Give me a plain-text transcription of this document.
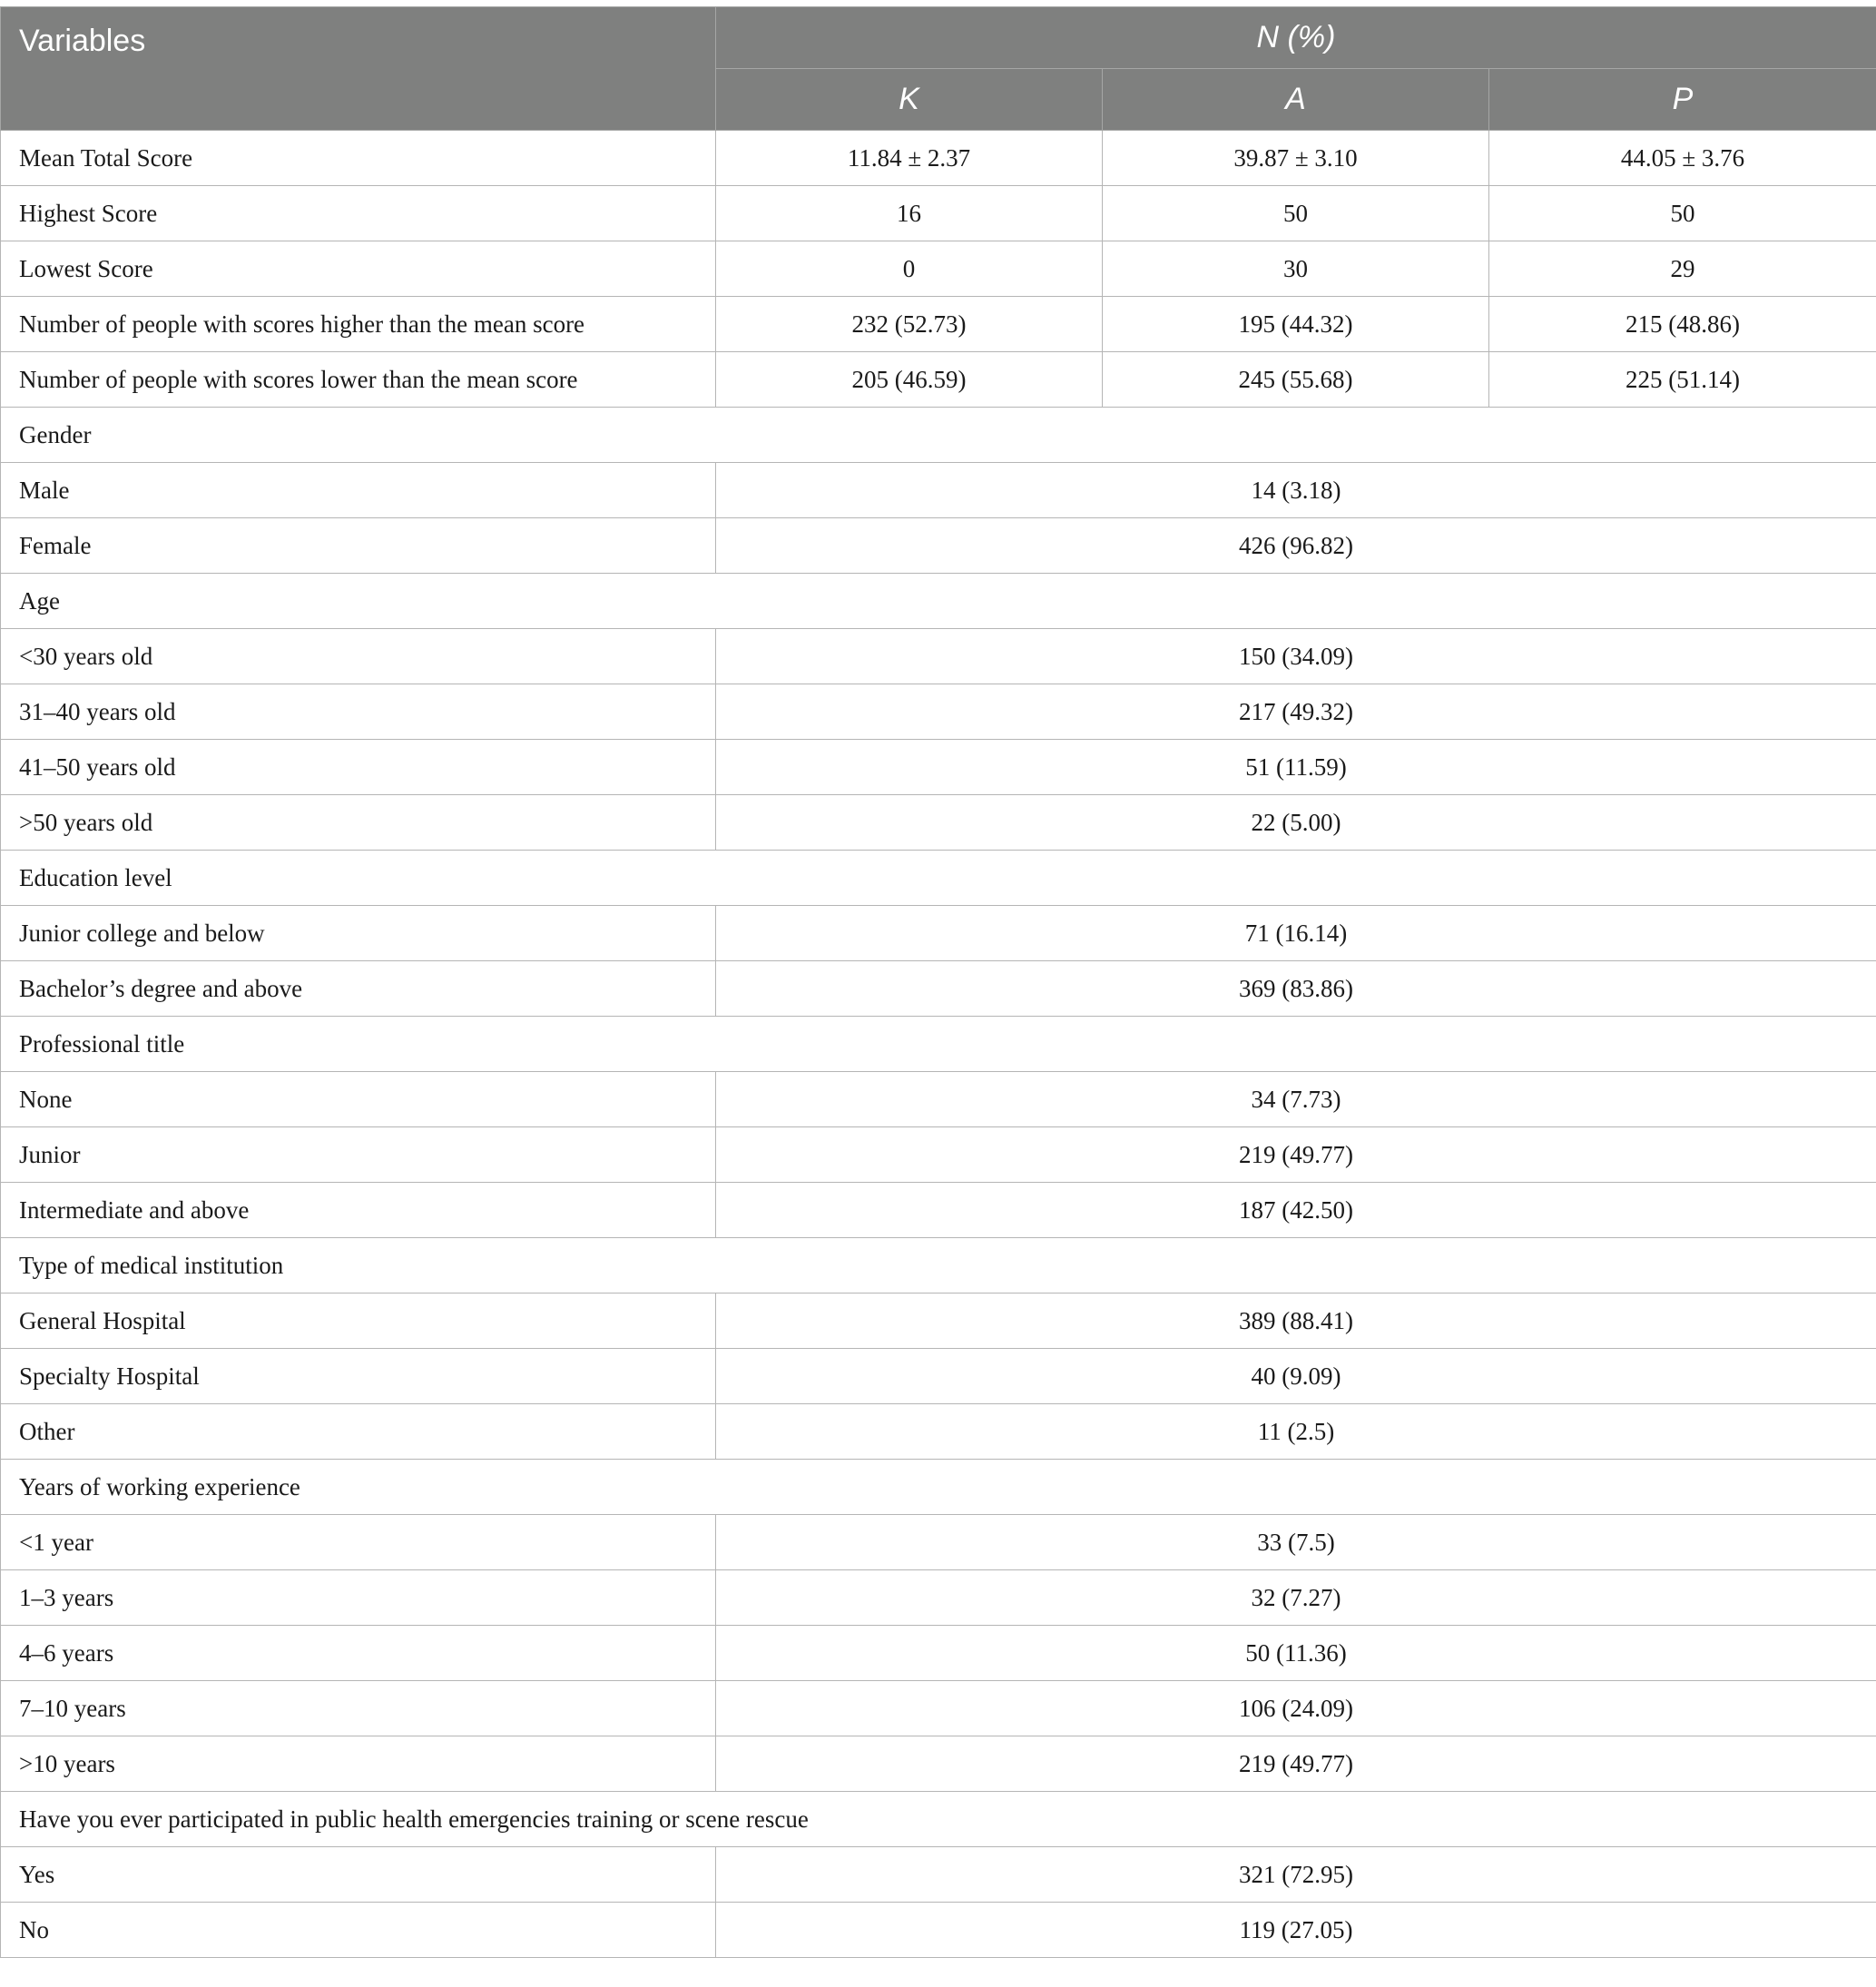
Variables	N (%)		
	K	A	P
Mean Total Score	11.84 ± 2.37	39.87 ± 3.10	44.05 ± 3.76
Highest Score	16	50	50
Lowest Score	0	30	29
Number of people with scores higher than the mean score	232 (52.73)	195 (44.32)	215 (48.86)
Number of people with scores lower than the mean score	205 (46.59)	245 (55.68)	225 (51.14)
Gender			
Male	14 (3.18)		
Female	426 (96.82)		
Age			
<30 years old	150 (34.09)		
31–40 years old	217 (49.32)		
41–50 years old	51 (11.59)		
>50 years old	22 (5.00)		
Education level			
Junior college and below	71 (16.14)		
Bachelor’s degree and above	369 (83.86)		
Professional title			
None	34 (7.73)		
Junior	219 (49.77)		
Intermediate and above	187 (42.50)		
Type of medical institution			
General Hospital	389 (88.41)		
Specialty Hospital	40 (9.09)		
Other	11 (2.5)		
Years of working experience			
<1 year	33 (7.5)		
1–3 years	32 (7.27)		
4–6 years	50 (11.36)		
7–10 years	106 (24.09)		
>10 years	219 (49.77)		
Have you ever participated in public health emergencies training or scene rescue			
Yes	321 (72.95)		
No	119 (27.05)		
